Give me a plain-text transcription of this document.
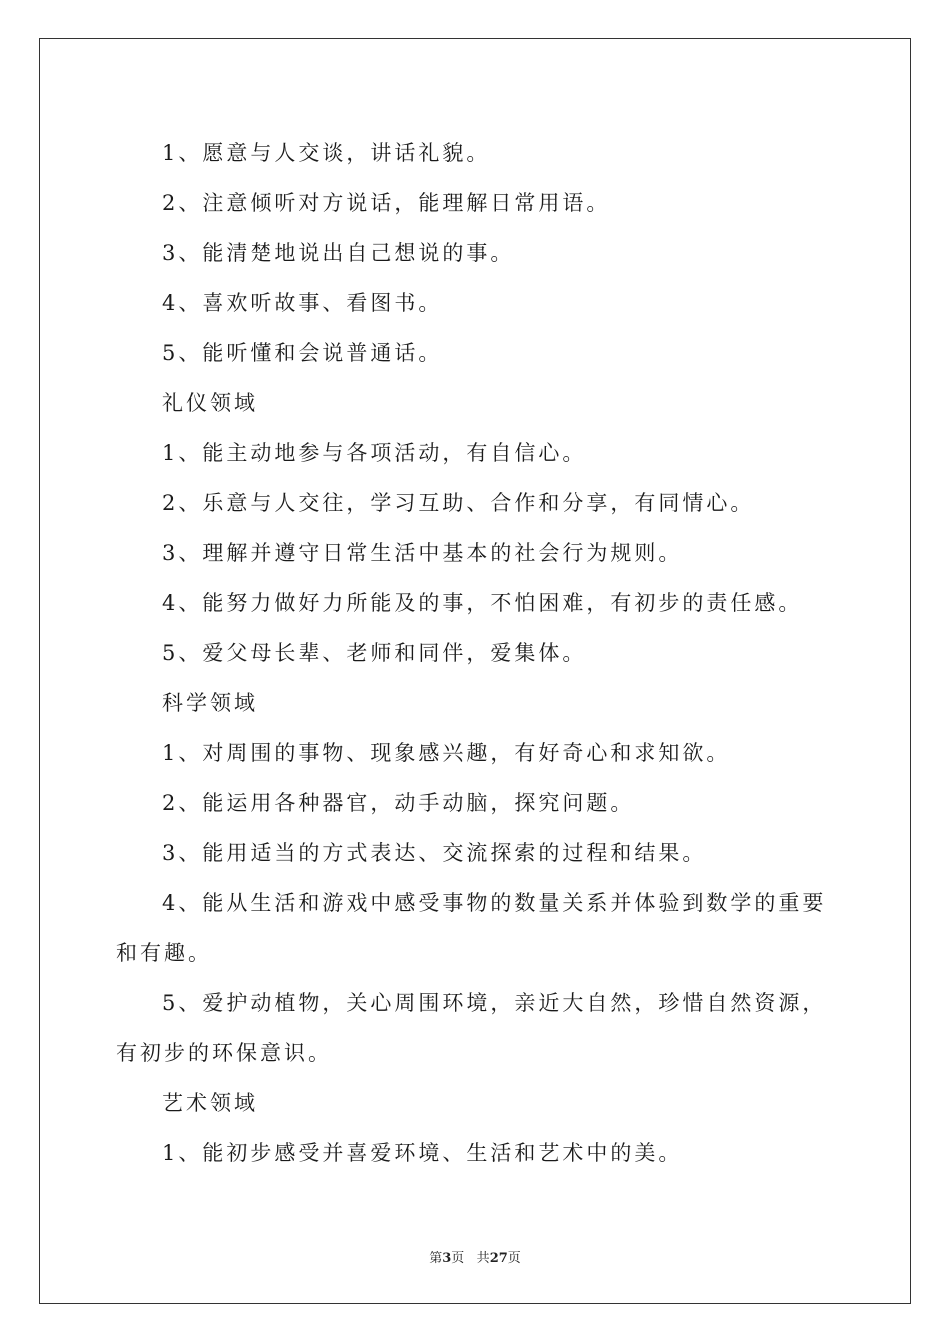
1、愿意与人交谈，讲话礼貌。

2、注意倾听对方说话，能理解日常用语。

3、能清楚地说出自己想说的事。

4、喜欢听故事、看图书。

5、能听懂和会说普通话。

礼仪领域

1、能主动地参与各项活动，有自信心。

2、乐意与人交往，学习互助、合作和分享，有同情心。

3、理解并遵守日常生活中基本的社会行为规则。

4、能努力做好力所能及的事，不怕困难，有初步的责任感。

5、爱父母长辈、老师和同伴，爱集体。

科学领域

1、对周围的事物、现象感兴趣，有好奇心和求知欲。

2、能运用各种器官，动手动脑，探究问题。

3、能用适当的方式表达、交流探索的过程和结果。

4、能从生活和游戏中感受事物的数量关系并体验到数学的重要和有趣。

5、爱护动植物，关心周围环境，亲近大自然，珍惜自然资源，有初步的环保意识。

艺术领域

1、能初步感受并喜爱环境、生活和艺术中的美。

第3页 共27页
